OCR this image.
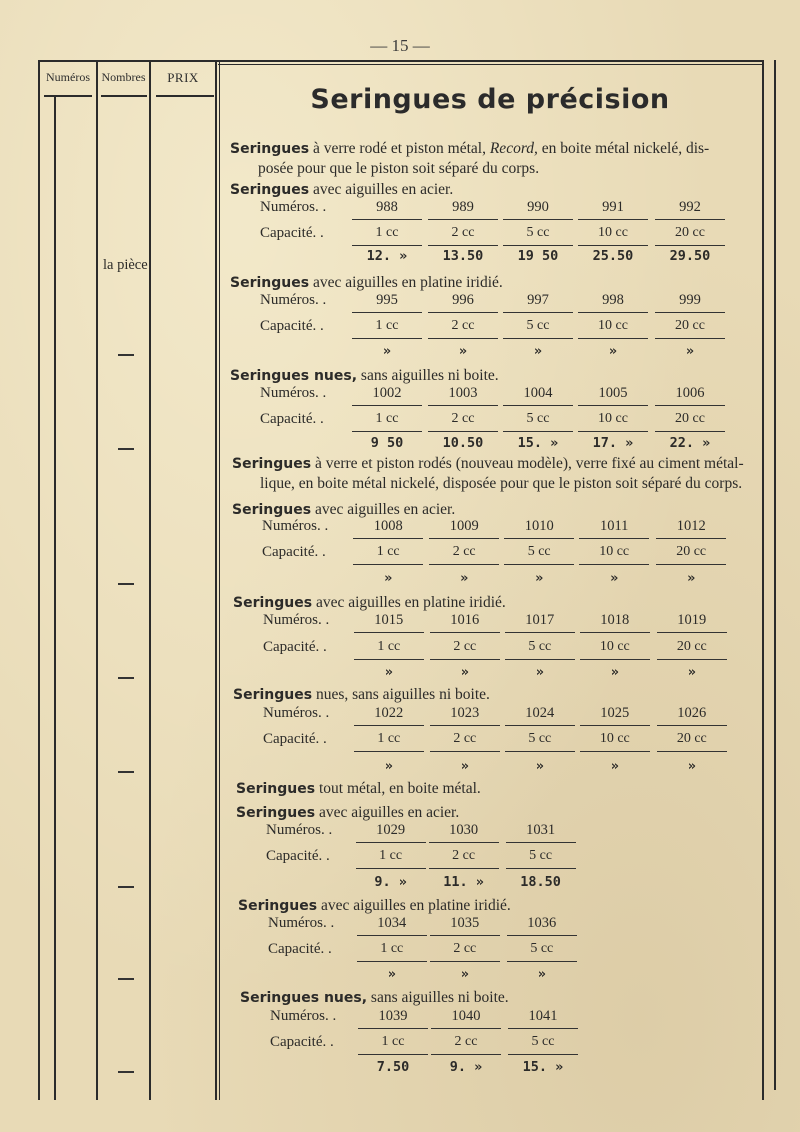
— 15 —
Numéros Nombres	PRIX
Seringues de précision
la pièce
Seringues à verre rodé et piston métal, Record, en boite métal nickelé, dis-
posée pour que le piston soit séparé du corps.
Seringues avec aiguilles en acier.
Numéros. .
Capacité. .
988	989	990	991	992
1 cc	2 cc	5 cc	10 cc	20 cc
12. »	13.50	19 50	25.50	29.50
Seringues avec aiguilles en platine iridié.
Numéros. .
Capacité. .
995	996	997	998	999
1 cc	2 cc	5 cc	10 cc	20 cc
»	»	»	»	»
Seringues nues, sans aiguilles ni boite.
Numéros. .
Capacité. .
1002	1003	1004	1005	1006
1 cc	2 cc	5 cc	10 cc	20 cc
9 50	10.50	15. »	17. »	22. »
Seringues à verre et piston rodés (nouveau modèle), verre fixé au ciment métal-
lique, en boite métal nickelé, disposée pour que le piston soit séparé du corps.
Seringues avec aiguilles en acier.
Numéros. .
Capacité. .
1008	1009	1010	1011	1012
1 cc	2 cc	5 cc	10 cc	20 cc
»	»	»	»	»
Seringues avec aiguilles en platine iridié.
Numéros. .
Capacité. .
1015	1016	1017	1018	1019
1 cc	2 cc	5 cc	10 cc	20 cc
»	»	»	»	»
Seringues nues, sans aiguilles ni boite.
Numéros. .
Capacité. .
1022	1023	1024	1025	1026
1 cc	2 cc	5 cc	10 cc	20 cc
»	»	»	»	»
Seringues tout métal, en boite métal.
Seringues avec aiguilles en acier.
Numéros. .
Capacité. .
1029	1030	1031
1 cc	2 cc	5 cc
9. »	11. »	18.50
Seringues avec aiguilles en platine iridié.
Numéros. .
Capacité. .
1034	1035	1036
1 cc	2 cc	5 cc
»	»	»
Seringues nues, sans aiguilles ni boite.
Numéros. .
Capacité. .
1039	1040	1041
1 cc	2 cc	5 cc
7.50	9. »	15. »
